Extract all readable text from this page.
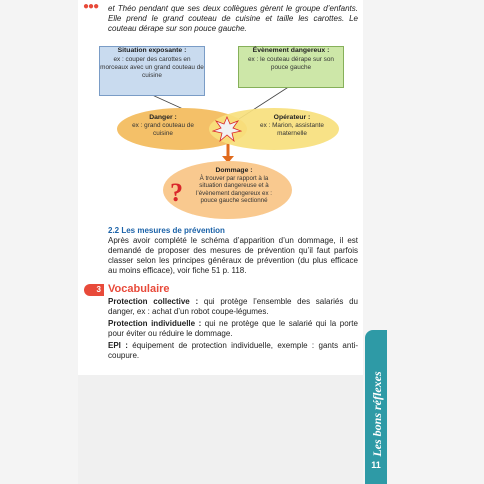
●●● et Théo pendant que ses deux collègues gèrent le groupe d’enfants. Elle prend le grand couteau de cuisine et taille les carottes. Le couteau dérape sur son pouce gauche.
Situation exposante :
ex : couper des carottes en morceaux avec un grand couteau de cuisine
Évènement dangereux :
ex : le couteau dérape sur son pouce gauche
Danger :
ex : grand couteau de cuisine
Opérateur :
ex : Marion, assistante maternelle
?
Dommage :
À trouver par rapport à la situation dangereuse et à l’évènement dangereux ex : pouce gauche sectionné
2.2 Les mesures de prévention
Après avoir complété le schéma d’apparition d’un dommage, il est demandé de proposer des mesures de prévention qu’il faut parfois classer selon les principes généraux de prévention (du plus efficace au moins efficace), voir fiche 51 p. 118.
3 Vocabulaire
Protection collective : qui protège l’ensemble des salariés du danger, ex : achat d’un robot coupe-légumes.
Protection individuelle : qui ne protège que le salarié qui la porte pour éviter ou réduire le dommage.
EPI : équipement de protection individuelle, exemple : gants anti-coupure.
Les bons réflexes
11
